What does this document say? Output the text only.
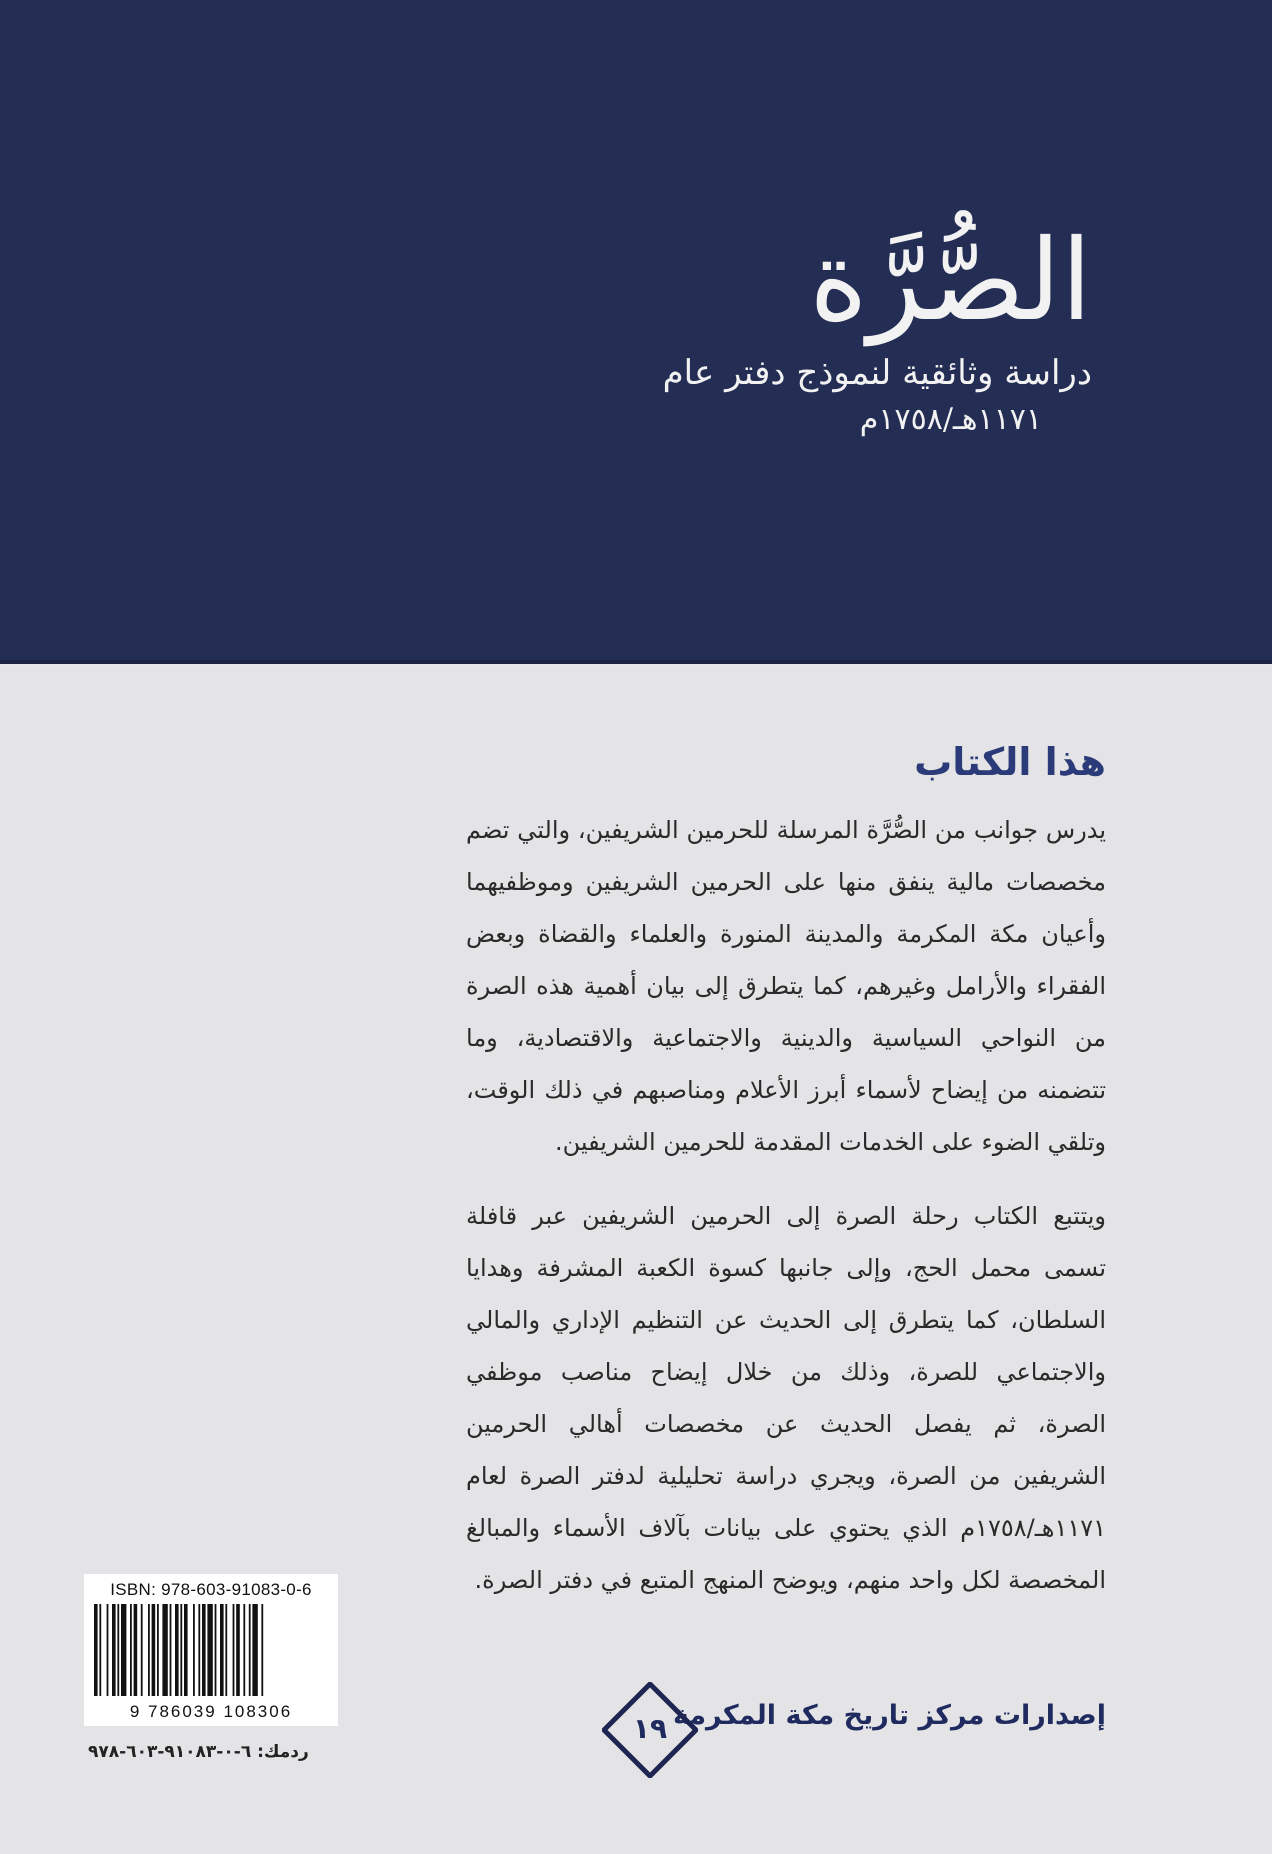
الصُّرَّة
دراسة وثائقية لنموذج دفتر عام
١١٧١هـ/١٧٥٨م
هذا الكتاب

يدرس جوانب من الصُّرَّة المرسلة للحرمين الشريفين، والتي تضم مخصصات مالية ينفق منها على الحرمين الشريفين وموظفيهما وأعيان مكة المكرمة والمدينة المنورة والعلماء والقضاة وبعض الفقراء والأرامل وغيرهم، كما يتطرق إلى بيان أهمية هذه الصرة من النواحي السياسية والدينية والاجتماعية والاقتصادية، وما تتضمنه من إيضاح لأسماء أبرز الأعلام ومناصبهم في ذلك الوقت، وتلقي الضوء على الخدمات المقدمة للحرمين الشريفين.

ويتتبع الكتاب رحلة الصرة إلى الحرمين الشريفين عبر قافلة تسمى محمل الحج، وإلى جانبها كسوة الكعبة المشرفة وهدايا السلطان، كما يتطرق إلى الحديث عن التنظيم الإداري والمالي والاجتماعي للصرة، وذلك من خلال إيضاح مناصب موظفي الصرة، ثم يفصل الحديث عن مخصصات أهالي الحرمين الشريفين من الصرة، ويجري دراسة تحليلية لدفتر الصرة لعام ١١٧١هـ/١٧٥٨م الذي يحتوي على بيانات بآلاف الأسماء والمبالغ المخصصة لكل واحد منهم، ويوضح المنهج المتبع في دفتر الصرة.

ISBN: 978-603-91083-0-6
9 786039 108306
ردمك: ٦-٠-٩١٠٨٣-٦٠٣-٩٧٨
إصدارات مركز تاريخ مكة المكرمة
١٩
